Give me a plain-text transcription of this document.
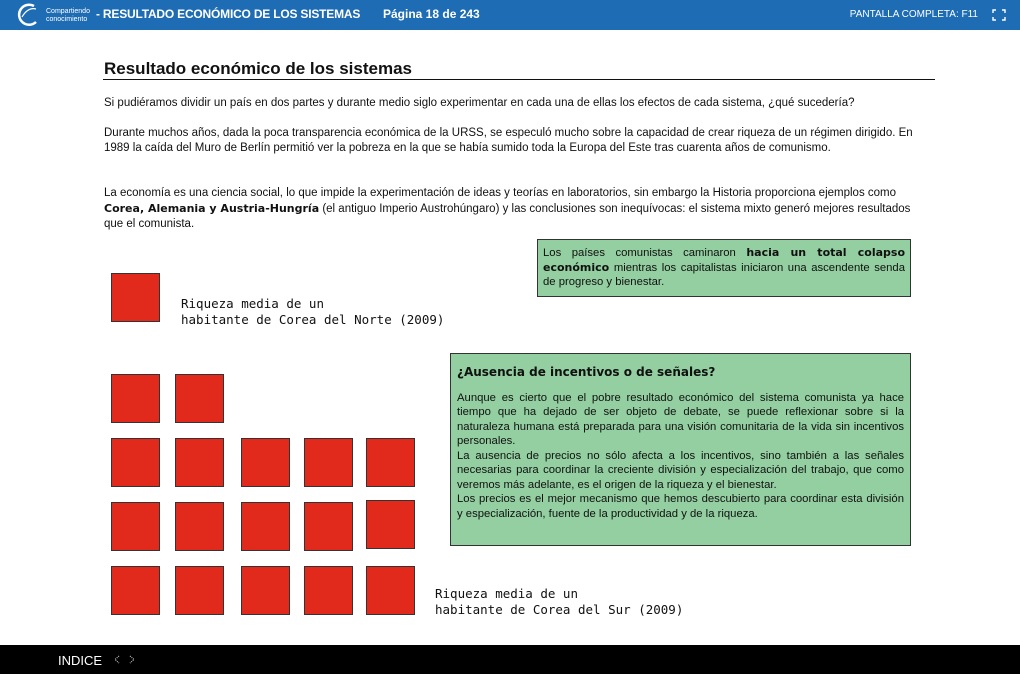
Compartiendo
conocimiento - RESULTADO ECONÓMICO DE LOS SISTEMAS Página 18 de 243	PANTALLA COMPLETA: F11
Resultado económico de los sistemas
Si pudiéramos dividir un país en dos partes y durante medio siglo experimentar en cada una de ellas los efectos de cada sistema, ¿qué sucedería?
Durante muchos años, dada la poca transparencia económica de la URSS, se especuló mucho sobre la capacidad de crear riqueza de un régimen dirigido. En 1989 la caída del Muro de Berlín permitió ver la pobreza en la que se había sumido toda la Europa del Este tras cuarenta años de comunismo.
La economía es una ciencia social, lo que impide la experimentación de ideas y teorías en laboratorios, sin embargo la Historia proporciona ejemplos como Corea, Alemania y Austria-Hungría (el antiguo Imperio Austrohúngaro) y las conclusiones son inequívocas: el sistema mixto generó mejores resultados que el comunista.
Los países comunistas caminaron hacia un total colapso económico mientras los capitalistas iniciaron una ascendente senda de progreso y bienestar.
Riqueza media de un
habitante de Corea del Norte (2009)
Riqueza media de un
habitante de Corea del Sur (2009)
¿Ausencia de incentivos o de señales?
Aunque es cierto que el pobre resultado económico del sistema comunista ya hace tiempo que ha dejado de ser objeto de debate, se puede reflexionar sobre si la naturaleza humana está preparada para una visión comunitaria de la vida sin incentivos personales.
La ausencia de precios no sólo afecta a los incentivos, sino también a las señales necesarias para coordinar la creciente división y especialización del trabajo, que como veremos más adelante, es el origen de la riqueza y el bienestar.
Los precios es el mejor mecanismo que hemos descubierto para coordinar esta división y especialización, fuente de la productividad y de la riqueza.
INDICE
